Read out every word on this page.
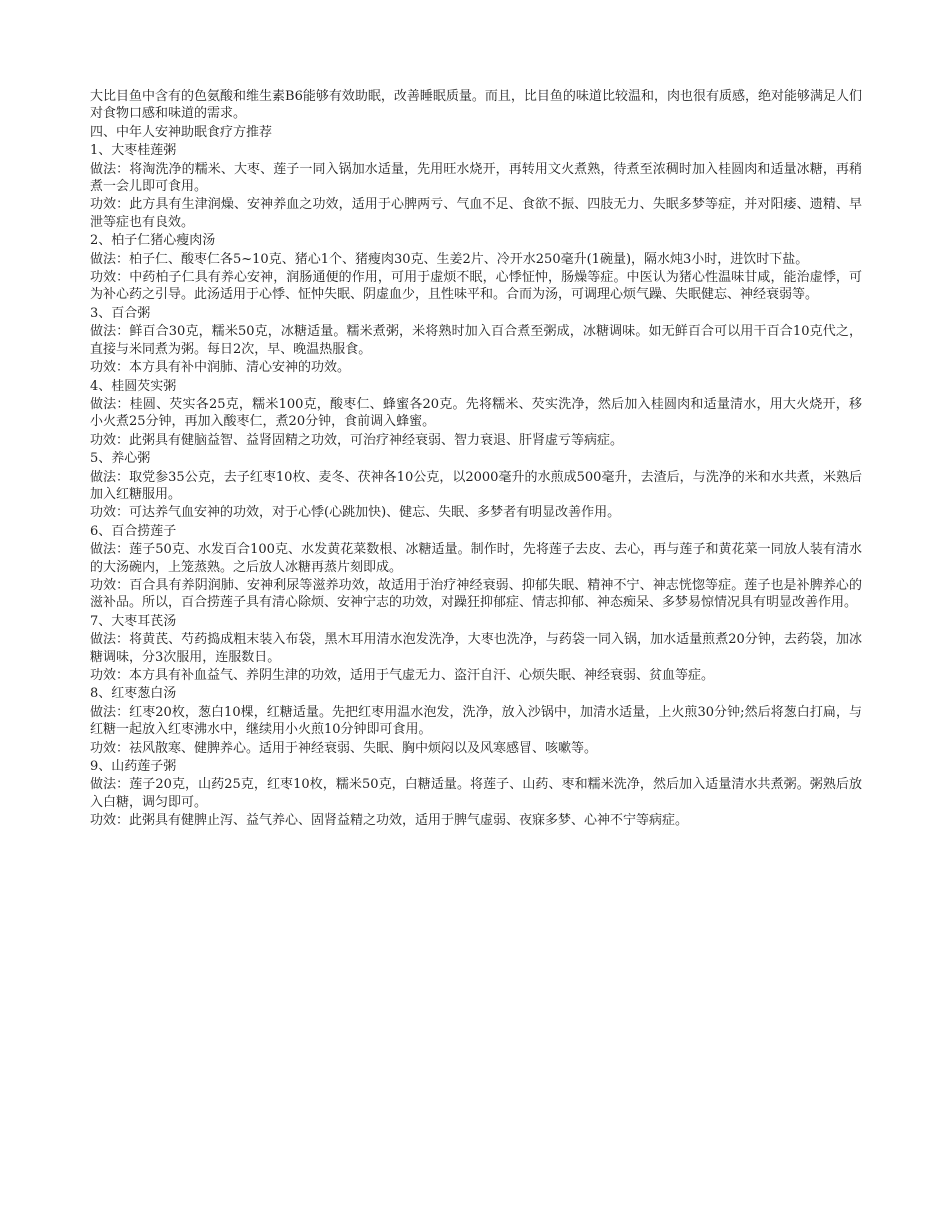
大比目鱼中含有的色氨酸和维生素B6能够有效助眠，改善睡眠质量。而且，比目鱼的味道比较温和，肉也很有质感，绝对能够满足人们对食物口感和味道的需求。

四、中年人安神助眠食疗方推荐
1、大枣桂莲粥

做法：将淘洗净的糯米、大枣、莲子一同入锅加水适量，先用旺水烧开，再转用文火煮熟，待煮至浓稠时加入桂圆肉和适量冰糖，再稍煮一会儿即可食用。

功效：此方具有生津润燥、安神养血之功效，适用于心脾两亏、气血不足、食欲不振、四肢无力、失眠多梦等症，并对阳痿、遗精、早泄等症也有良效。

2、柏子仁猪心瘦肉汤

做法：柏子仁、酸枣仁各5~10克、猪心1个、猪瘦肉30克、生姜2片、冷开水250毫升(1碗量)，隔水炖3小时，进饮时下盐。

功效：中药柏子仁具有养心安神，润肠通便的作用，可用于虚烦不眠，心悸怔忡，肠燥等症。中医认为猪心性温味甘咸，能治虚悸，可为补心药之引导。此汤适用于心悸、怔忡失眠、阴虚血少，且性味平和。合而为汤，可调理心烦气躁、失眠健忘、神经衰弱等。

3、百合粥

做法：鲜百合30克，糯米50克，冰糖适量。糯米煮粥，米将熟时加入百合煮至粥成，冰糖调味。如无鲜百合可以用干百合10克代之，直接与米同煮为粥。每日2次，早、晚温热服食。

功效：本方具有补中润肺、清心安神的功效。

4、桂圆芡实粥

做法：桂圆、芡实各25克，糯米100克，酸枣仁、蜂蜜各20克。先将糯米、芡实洗净，然后加入桂圆肉和适量清水，用大火烧开，移小火煮25分钟，再加入酸枣仁，煮20分钟，食前调入蜂蜜。

功效：此粥具有健脑益智、益肾固精之功效，可治疗神经衰弱、智力衰退、肝肾虚亏等病症。

5、养心粥

做法：取党参35公克，去子红枣10枚、麦冬、茯神各10公克，以2000毫升的水煎成500毫升，去渣后，与洗净的米和水共煮，米熟后加入红糖服用。

功效：可达养气血安神的功效，对于心悸(心跳加快)、健忘、失眠、多梦者有明显改善作用。

6、百合捞莲子

做法：莲子50克、水发百合100克、水发黄花菜数根、冰糖适量。制作时，先将莲子去皮、去心，再与莲子和黄花菜一同放人装有清水的大汤碗内，上笼蒸熟。之后放人冰糖再蒸片刻即成。

功效：百合具有养阴润肺、安神利尿等滋养功效，故适用于治疗神经衰弱、抑郁失眠、精神不宁、神志恍惚等症。莲子也是补脾养心的滋补品。所以，百合捞莲子具有清心除烦、安神宁志的功效，对躁狂抑郁症、情志抑郁、神态痴呆、多梦易惊情况具有明显改善作用。

7、大枣耳芪汤

做法：将黄芪、芍药捣成粗末装入布袋，黑木耳用清水泡发洗净，大枣也洗净，与药袋一同入锅，加水适量煎煮20分钟，去药袋，加冰糖调味，分3次服用，连服数日。

功效：本方具有补血益气、养阴生津的功效，适用于气虚无力、盗汗自汗、心烦失眠、神经衰弱、贫血等症。

8、红枣葱白汤

做法：红枣20枚，葱白10棵，红糖适量。先把红枣用温水泡发，洗净，放入沙锅中，加清水适量，上火煎30分钟;然后将葱白打扁，与红糖一起放入红枣沸水中，继续用小火煎10分钟即可食用。

功效：祛风散寒、健脾养心。适用于神经衰弱、失眠、胸中烦闷以及风寒感冒、咳嗽等。

9、山药莲子粥

做法：莲子20克，山药25克，红枣10枚，糯米50克，白糖适量。将莲子、山药、枣和糯米洗净，然后加入适量清水共煮粥。粥熟后放入白糖，调匀即可。

功效：此粥具有健脾止泻、益气养心、固肾益精之功效，适用于脾气虚弱、夜寐多梦、心神不宁等病症。
